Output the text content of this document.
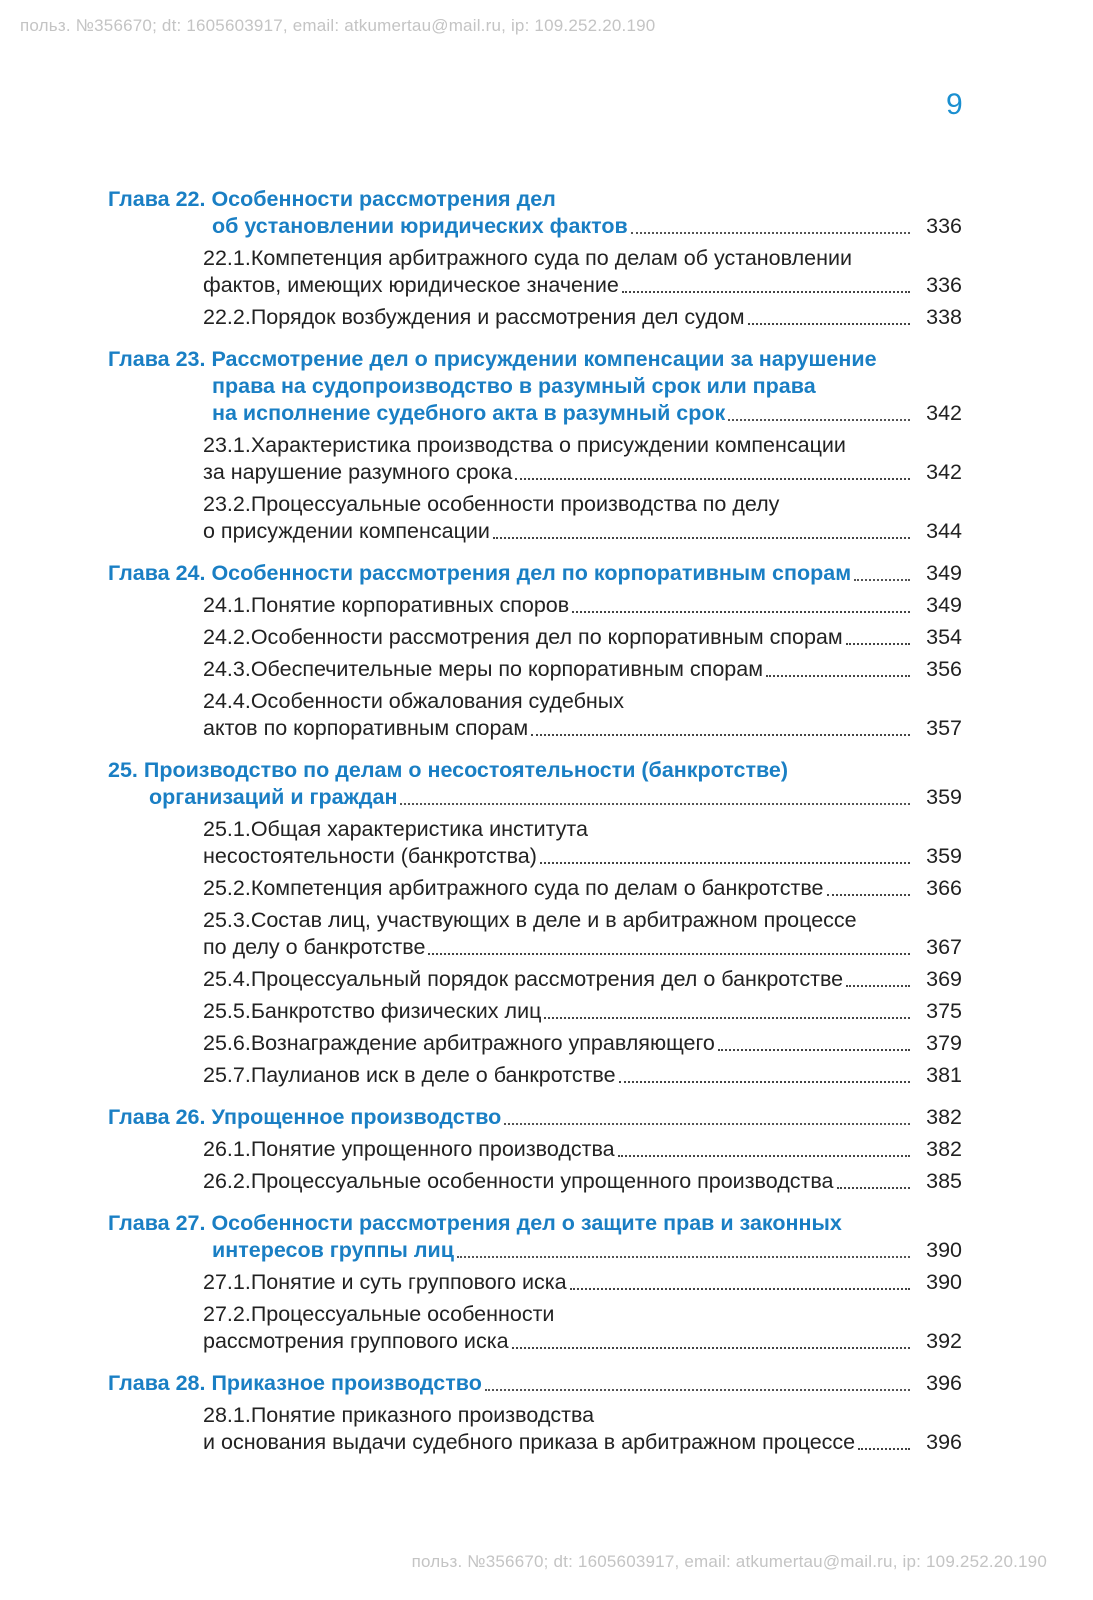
польз. №356670; dt: 1605603917, email: atkumertau@mail.ru, ip: 109.252.20.190
9
Глава 22. Особенности рассмотрения дел
об установлении юридических фактов	336
22.1.Компетенция арбитражного суда по делам об установлении
фактов, имеющих юридическое значение	336
22.2.Порядок возбуждения и рассмотрения дел судом	338
Глава 23. Рассмотрение дел о присуждении компенсации за нарушение
права на судопроизводство в разумный срок или права
на исполнение судебного акта в разумный срок	342
23.1.Характеристика производства о присуждении компенсации
за нарушение разумного срока	342
23.2.Процессуальные особенности производства по делу
о присуждении компенсации	344
Глава 24. Особенности рассмотрения дел по корпоративным спорам	349
24.1.Понятие корпоративных споров	349
24.2.Особенности рассмотрения дел по корпоративным спорам	354
24.3.Обеспечительные меры по корпоративным спорам	356
24.4.Особенности обжалования судебных
актов по корпоративным спорам	357
25. Производство по делам о несостоятельности (банкротстве)
организаций и граждан	359
25.1.Общая характеристика института
несостоятельности (банкротства)	359
25.2.Компетенция арбитражного суда по делам о банкротстве	366
25.3.Состав лиц, участвующих в деле и в арбитражном процессе
по делу о банкротстве	367
25.4.Процессуальный порядок рассмотрения дел о банкротстве	369
25.5.Банкротство физических лиц	375
25.6.Вознаграждение арбитражного управляющего	379
25.7.Паулианов иск в деле о банкротстве	381
Глава 26. Упрощенное производство	382
26.1.Понятие упрощенного производства	382
26.2.Процессуальные особенности упрощенного производства	385
Глава 27. Особенности рассмотрения дел о защите прав и законных
интересов группы лиц	390
27.1.Понятие и суть группового иска	390
27.2.Процессуальные особенности
рассмотрения группового иска	392
Глава 28. Приказное производство	396
28.1.Понятие приказного производства
и основания выдачи судебного приказа в арбитражном процессе	396
польз. №356670; dt: 1605603917, email: atkumertau@mail.ru, ip: 109.252.20.190
